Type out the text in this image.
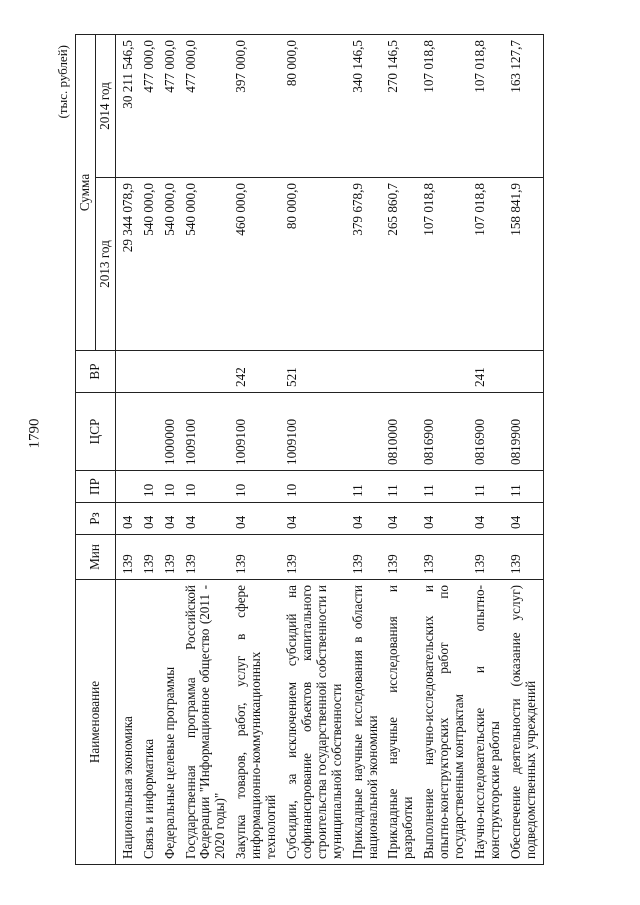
1790
(тыс. рублей)
Наименование	Мин	Рз	ПР	ЦСР	ВР	Сумма	
						2013 год	2014 год
Национальная экономика	139	04				29 344 078,9	30 211 546,5
Связь и информатика	139	04	10			540 000,0	477 000,0
Федеральные целевые программы	139	04	10	1000000		540 000,0	477 000,0
Государственная программа Российской Федерации "Информационное общество (2011 - 2020 годы)"	139	04	10	1009100		540 000,0	477 000,0
Закупка товаров, работ, услуг в сфере информационно-коммуникационных технологий	139	04	10	1009100	242	460 000,0	397 000,0
Субсидии, за исключением субсидий на софинансирование объектов капитального строительства государственной собственности и муниципальной собственности	139	04	10	1009100	521	80 000,0	80 000,0
Прикладные научные исследования в области национальной экономики	139	04	11			379 678,9	340 146,5
Прикладные научные исследования и разработки	139	04	11	0810000		265 860,7	270 146,5
Выполнение научно-исследовательских и опытно-конструкторских работ по государственным контрактам	139	04	11	0816900		107 018,8	107 018,8
Научно-исследовательские и опытно-конструкторские работы	139	04	11	0816900	241	107 018,8	107 018,8
Обеспечение деятельности (оказание услуг) подведомственных учреждений	139	04	11	0819900		158 841,9	163 127,7
